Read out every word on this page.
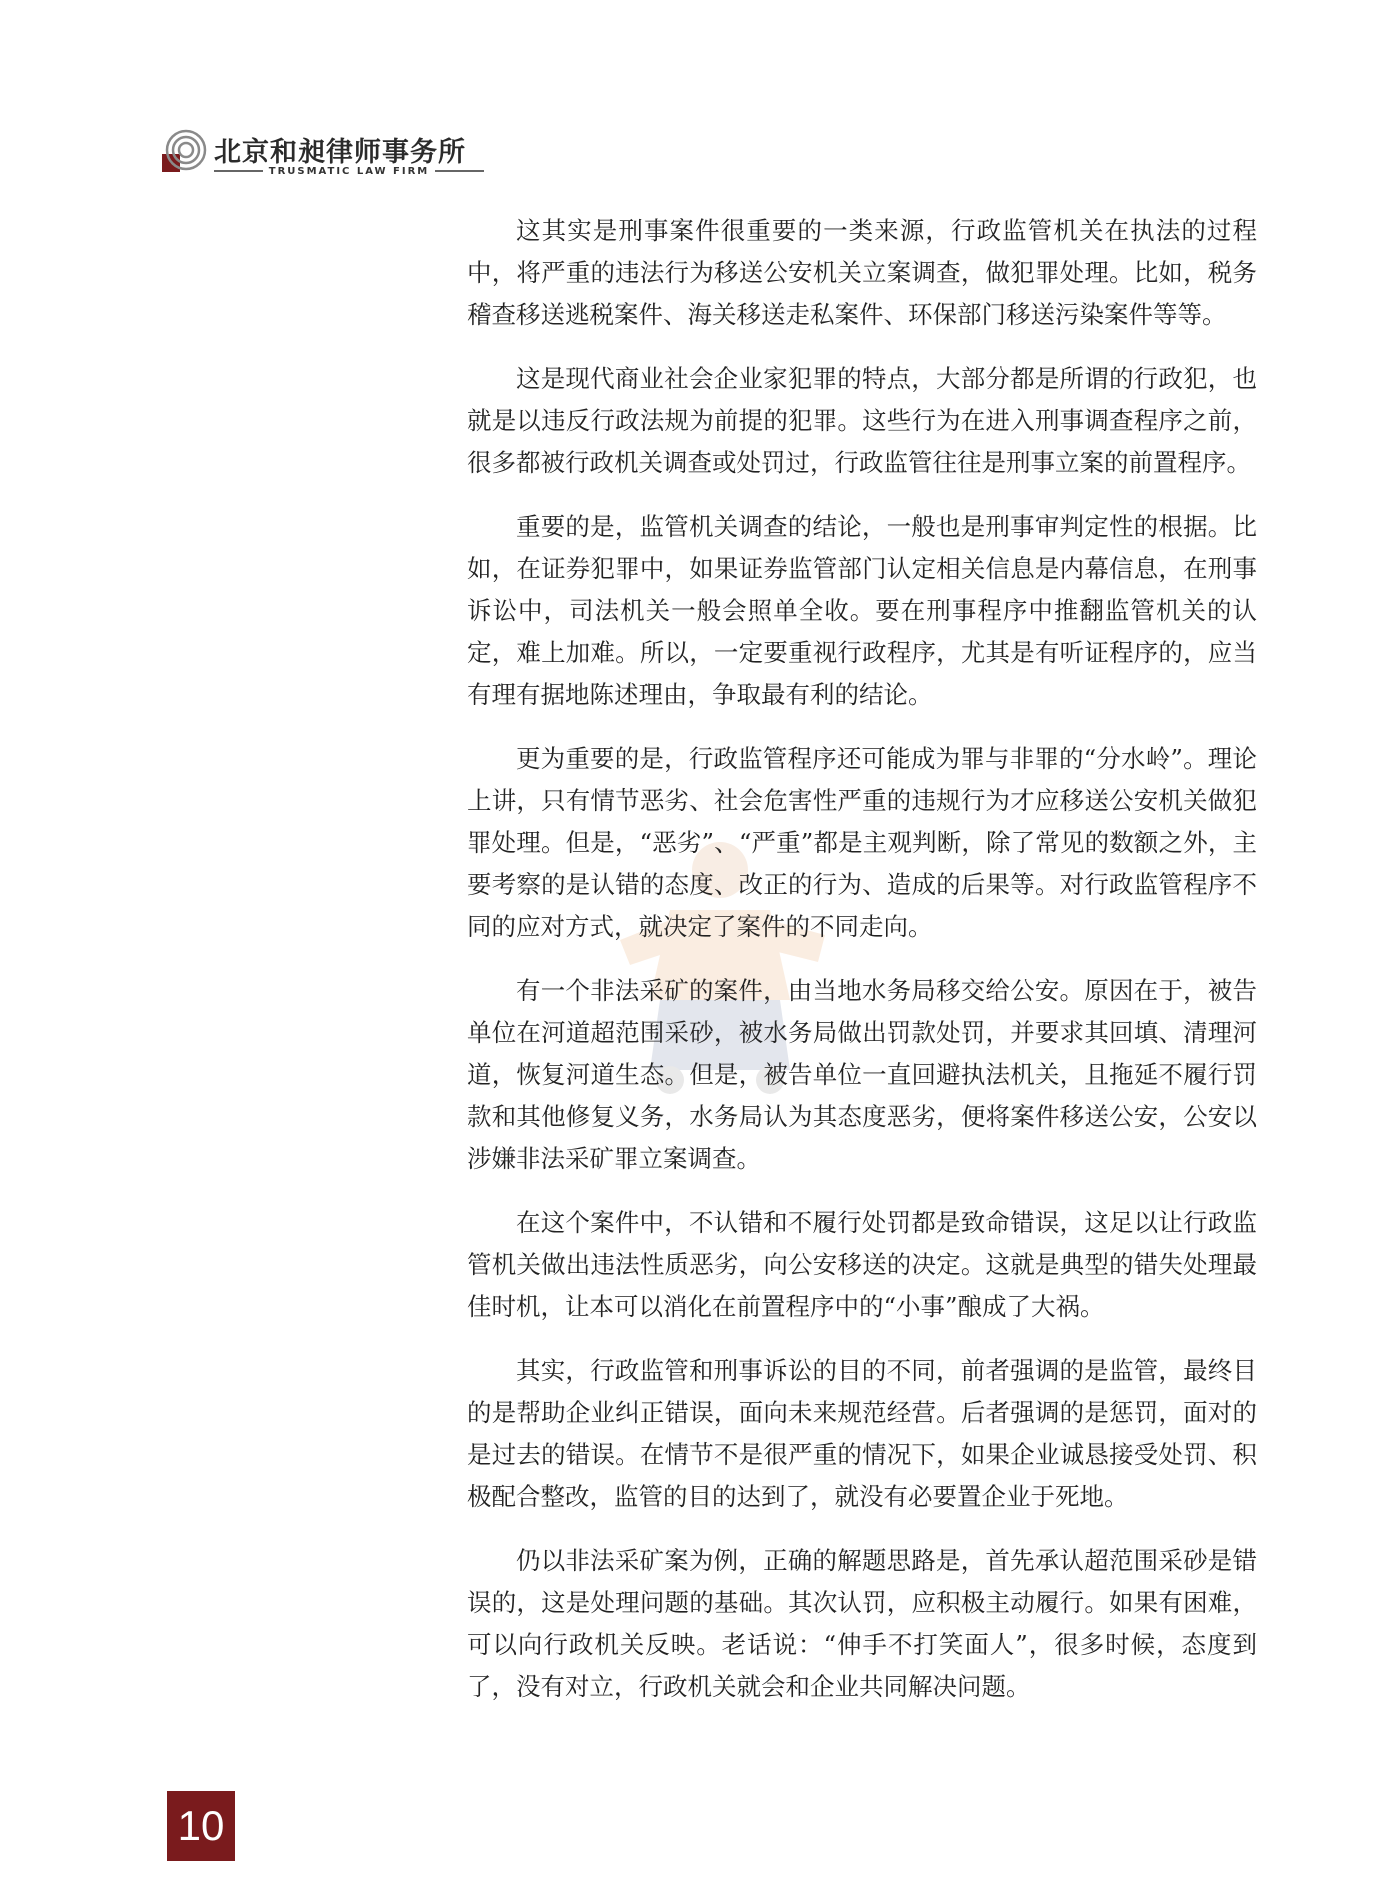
北京和昶律师事务所
TRUSMATIC LAW FIRM

这其实是刑事案件很重要的一类来源，行政监管机关在执法的过程中，将严重的违法行为移送公安机关立案调查，做犯罪处理。比如，税务稽查移送逃税案件、海关移送走私案件、环保部门移送污染案件等等。

这是现代商业社会企业家犯罪的特点，大部分都是所谓的行政犯，也就是以违反行政法规为前提的犯罪。这些行为在进入刑事调查程序之前，很多都被行政机关调查或处罚过，行政监管往往是刑事立案的前置程序。

重要的是，监管机关调查的结论，一般也是刑事审判定性的根据。比如，在证券犯罪中，如果证券监管部门认定相关信息是内幕信息，在刑事诉讼中，司法机关一般会照单全收。要在刑事程序中推翻监管机关的认定，难上加难。所以，一定要重视行政程序，尤其是有听证程序的，应当有理有据地陈述理由，争取最有利的结论。

更为重要的是，行政监管程序还可能成为罪与非罪的“分水岭”。理论上讲，只有情节恶劣、社会危害性严重的违规行为才应移送公安机关做犯罪处理。但是，“恶劣”、“严重”都是主观判断，除了常见的数额之外，主要考察的是认错的态度、改正的行为、造成的后果等。对行政监管程序不同的应对方式，就决定了案件的不同走向。

有一个非法采矿的案件，由当地水务局移交给公安。原因在于，被告单位在河道超范围采砂，被水务局做出罚款处罚，并要求其回填、清理河道，恢复河道生态。但是，被告单位一直回避执法机关，且拖延不履行罚款和其他修复义务，水务局认为其态度恶劣，便将案件移送公安，公安以涉嫌非法采矿罪立案调查。

在这个案件中，不认错和不履行处罚都是致命错误，这足以让行政监管机关做出违法性质恶劣，向公安移送的决定。这就是典型的错失处理最佳时机，让本可以消化在前置程序中的“小事”酿成了大祸。

其实，行政监管和刑事诉讼的目的不同，前者强调的是监管，最终目的是帮助企业纠正错误，面向未来规范经营。后者强调的是惩罚，面对的是过去的错误。在情节不是很严重的情况下，如果企业诚恳接受处罚、积极配合整改，监管的目的达到了，就没有必要置企业于死地。

仍以非法采矿案为例，正确的解题思路是，首先承认超范围采砂是错误的，这是处理问题的基础。其次认罚，应积极主动履行。如果有困难，可以向行政机关反映。老话说：“伸手不打笑面人”，很多时候，态度到了，没有对立，行政机关就会和企业共同解决问题。

10
